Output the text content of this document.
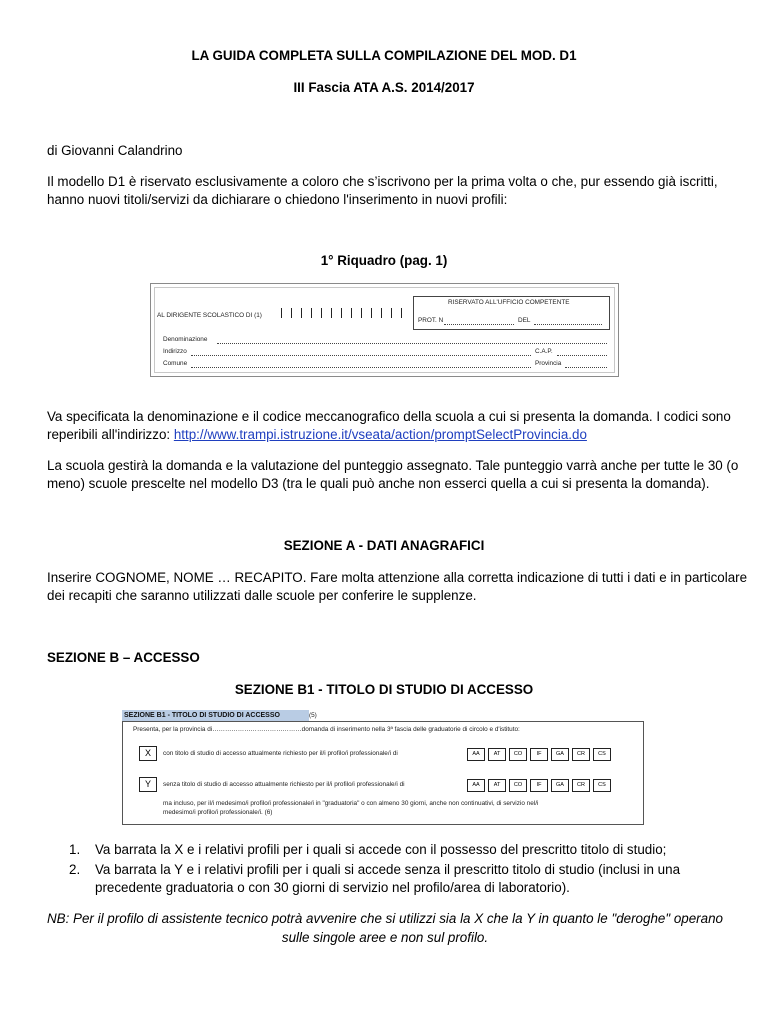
LA GUIDA COMPLETA SULLA COMPILAZIONE DEL MOD. D1
III Fascia ATA A.S. 2014/2017
di Giovanni Calandrino
Il modello D1 è riservato esclusivamente a coloro che s’iscrivono per la prima volta o che, pur essendo già iscritti,
hanno nuovi titoli/servizi da dichiarare o chiedono l'inserimento in nuovi profili:
1° Riquadro (pag. 1)
AL DIRIGENTE SCOLASTICO DI (1)
RISERVATO ALL'UFFICIO COMPETENTE
PROT. N	DEL
Denominazione
Indirizzo	C.A.P.
Comune	Provincia
Va specificata la denominazione e il codice meccanografico della scuola a cui si presenta la domanda. I codici sono
reperibili all'indirizzo: http://www.trampi.istruzione.it/vseata/action/promptSelectProvincia.do
La scuola gestirà la domanda e la valutazione del punteggio assegnato. Tale punteggio varrà anche per tutte le 30 (o
meno) scuole prescelte nel modello D3 (tra le quali può anche non esserci quella a cui si presenta la domanda).
SEZIONE A - DATI ANAGRAFICI
Inserire COGNOME, NOME … RECAPITO. Fare molta attenzione alla corretta indicazione di tutti i dati e in particolare
dei recapiti che saranno utilizzati dalle scuole per conferire le supplenze.
SEZIONE B – ACCESSO
SEZIONE B1 - TITOLO DI STUDIO DI ACCESSO
SEZIONE B1 - TITOLO DI STUDIO DI ACCESSO	(5)
Presenta, per la provincia di……………………………………domanda di inserimento nella 3ª fascia delle graduatorie di circolo e d'istituto:
X	con titolo di studio di accesso attualmente richiesto per il/i profilo/i professionale/i di	AA	AT	CO	IF	GA	CR	CS
Y	senza titolo di studio di accesso attualmente richiesto per il/i profilo/i professionale/i di	AA	AT	CO	IF	GA	CR	CS
ma incluso, per il/i medesimo/i profilo/i professionale/i in "graduatoria" o con almeno 30 giorni, anche non continuativi, di servizio nel/i
medesimo/i profilo/i professionale/i. (6)
1. Va barrata la X e i relativi profili per i quali si accede con il possesso del prescritto titolo di studio;
2. Va barrata la Y e i relativi profili per i quali si accede senza il prescritto titolo di studio (inclusi in una
precedente graduatoria o con 30 giorni di servizio nel profilo/area di laboratorio).
NB: Per il profilo di assistente tecnico potrà avvenire che si utilizzi sia la X che la Y in quanto le "deroghe" operano
sulle singole aree e non sul profilo.
